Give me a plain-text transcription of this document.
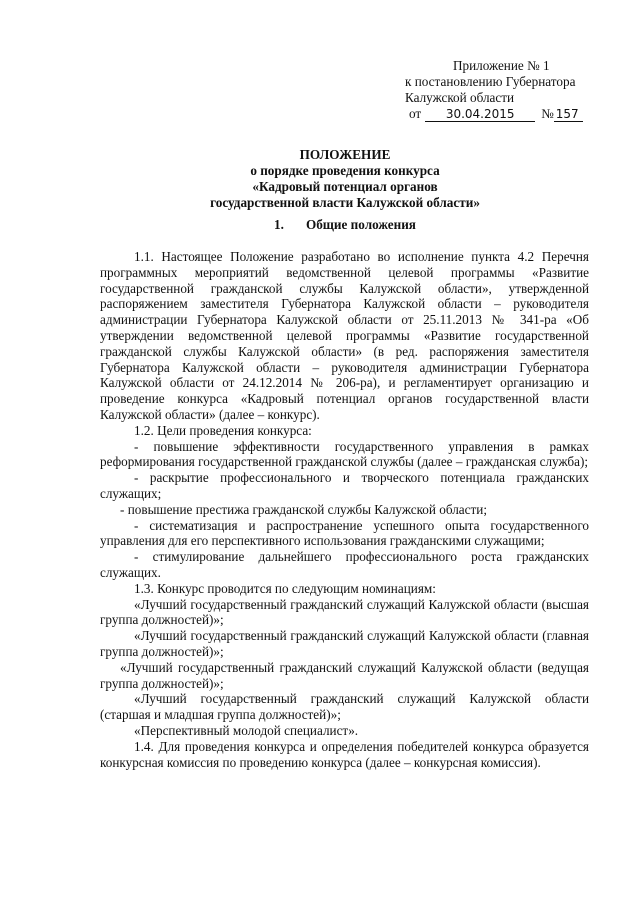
Приложение № 1
к постановлению Губернатора
Калужской области
от 30.04.2015 № 157
ПОЛОЖЕНИЕ
о порядке проведения конкурса
«Кадровый потенциал органов
государственной власти Калужской области»
1. Общие положения

1.1. Настоящее Положение разработано во исполнение пункта 4.2 Перечня программных мероприятий ведомственной целевой программы «Развитие государственной гражданской службы Калужской области», утвержденной распоряжением заместителя Губернатора Калужской области – руководителя администрации Губернатора Калужской области от 25.11.2013 № 341-ра «Об утверждении ведомственной целевой программы «Развитие государственной гражданской службы Калужской области» (в ред. распоряжения заместителя Губернатора Калужской области – руководителя администрации Губернатора Калужской области от 24.12.2014 № 206-ра), и регламентирует организацию и проведение конкурса «Кадровый потенциал органов государственной власти Калужской области» (далее – конкурс).

1.2. Цели проведения конкурса:

- повышение эффективности государственного управления в рамках реформирования государственной гражданской службы (далее – гражданская служба);

- раскрытие профессионального и творческого потенциала гражданских служащих;

- повышение престижа гражданской службы Калужской области;

- систематизация и распространение успешного опыта государственного управления для его перспективного использования гражданскими служащими;

- стимулирование дальнейшего профессионального роста гражданских служащих.

1.3. Конкурс проводится по следующим номинациям:

«Лучший государственный гражданский служащий Калужской области (высшая группа должностей)»;

«Лучший государственный гражданский служащий Калужской области (главная группа должностей)»;

«Лучший государственный гражданский служащий Калужской области (ведущая группа должностей)»;

«Лучший государственный гражданский служащий Калужской области (старшая и младшая группа должностей)»;

«Перспективный молодой специалист».

1.4. Для проведения конкурса и определения победителей конкурса образуется конкурсная комиссия по проведению конкурса (далее – конкурсная комиссия).
